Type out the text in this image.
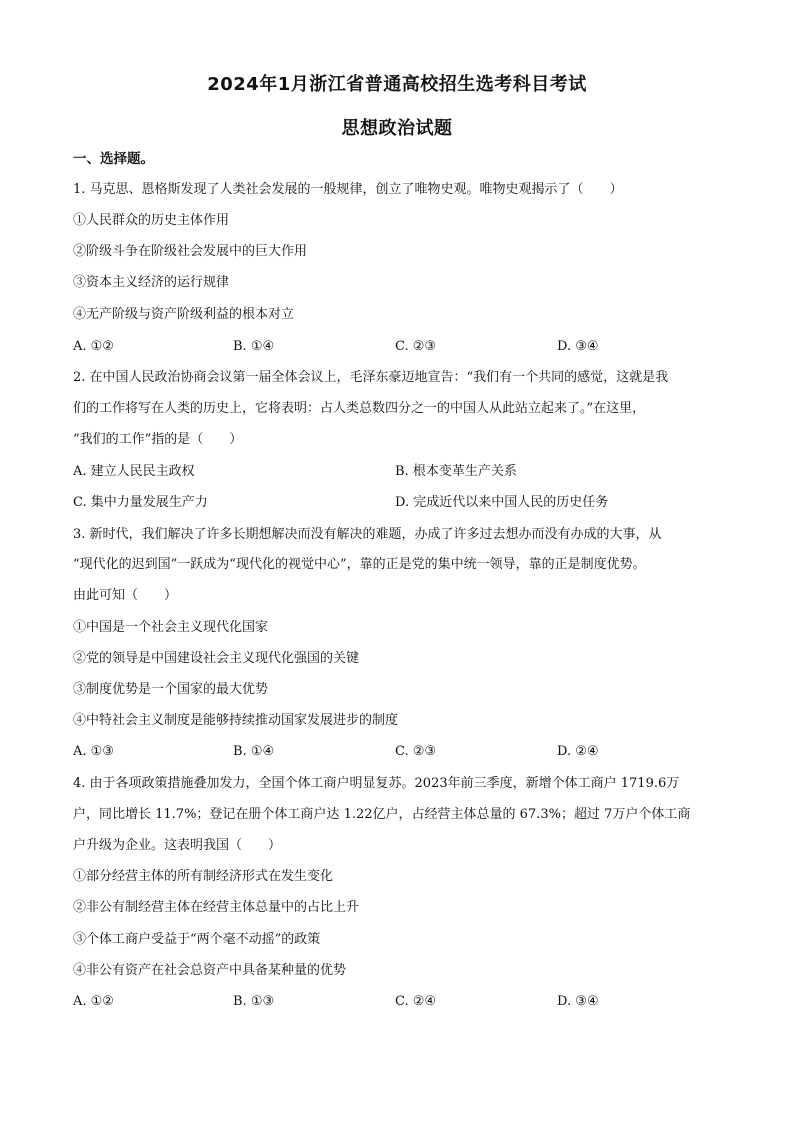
2024年1月浙江省普通高校招生选考科目考试
思想政治试题
一、选择题。
1. 马克思、恩格斯发现了人类社会发展的一般规律，创立了唯物史观。唯物史观揭示了（　　）
①人民群众的历史主体作用
②阶级斗争在阶级社会发展中的巨大作用
③资本主义经济的运行规律
④无产阶级与资产阶级利益的根本对立
A. ①②	B. ①④	C. ②③	D. ③④
2. 在中国人民政治协商会议第一届全体会议上，毛泽东豪迈地宣告：“我们有一个共同的感觉，这就是我
们的工作将写在人类的历史上，它将表明：占人类总数四分之一的中国人从此站立起来了。”在这里，
“我们的工作”指的是（　　）
A. 建立人民民主政权	B. 根本变革生产关系
C. 集中力量发展生产力	D. 完成近代以来中国人民的历史任务
3. 新时代，我们解决了许多长期想解决而没有解决的难题，办成了许多过去想办而没有办成的大事，从
“现代化的迟到国”一跃成为“现代化的视觉中心”，靠的正是党的集中统一领导，靠的正是制度优势。
由此可知（　　）
①中国是一个社会主义现代化国家
②党的领导是中国建设社会主义现代化强国的关键
③制度优势是一个国家的最大优势
④中特社会主义制度是能够持续推动国家发展进步的制度
A. ①③	B. ①④	C. ②③	D. ②④
4. 由于各项政策措施叠加发力，全国个体工商户明显复苏。2023年前三季度，新增个体工商户 1719.6万
户，同比增长 11.7%；登记在册个体工商户达 1.22亿户，占经营主体总量的 67.3%；超过 7万户个体工商
户升级为企业。这表明我国（　　）
①部分经营主体的所有制经济形式在发生变化
②非公有制经营主体在经营主体总量中的占比上升
③个体工商户受益于“两个毫不动摇”的政策
④非公有资产在社会总资产中具备某种量的优势
A. ①②	B. ①③	C. ②④	D. ③④
